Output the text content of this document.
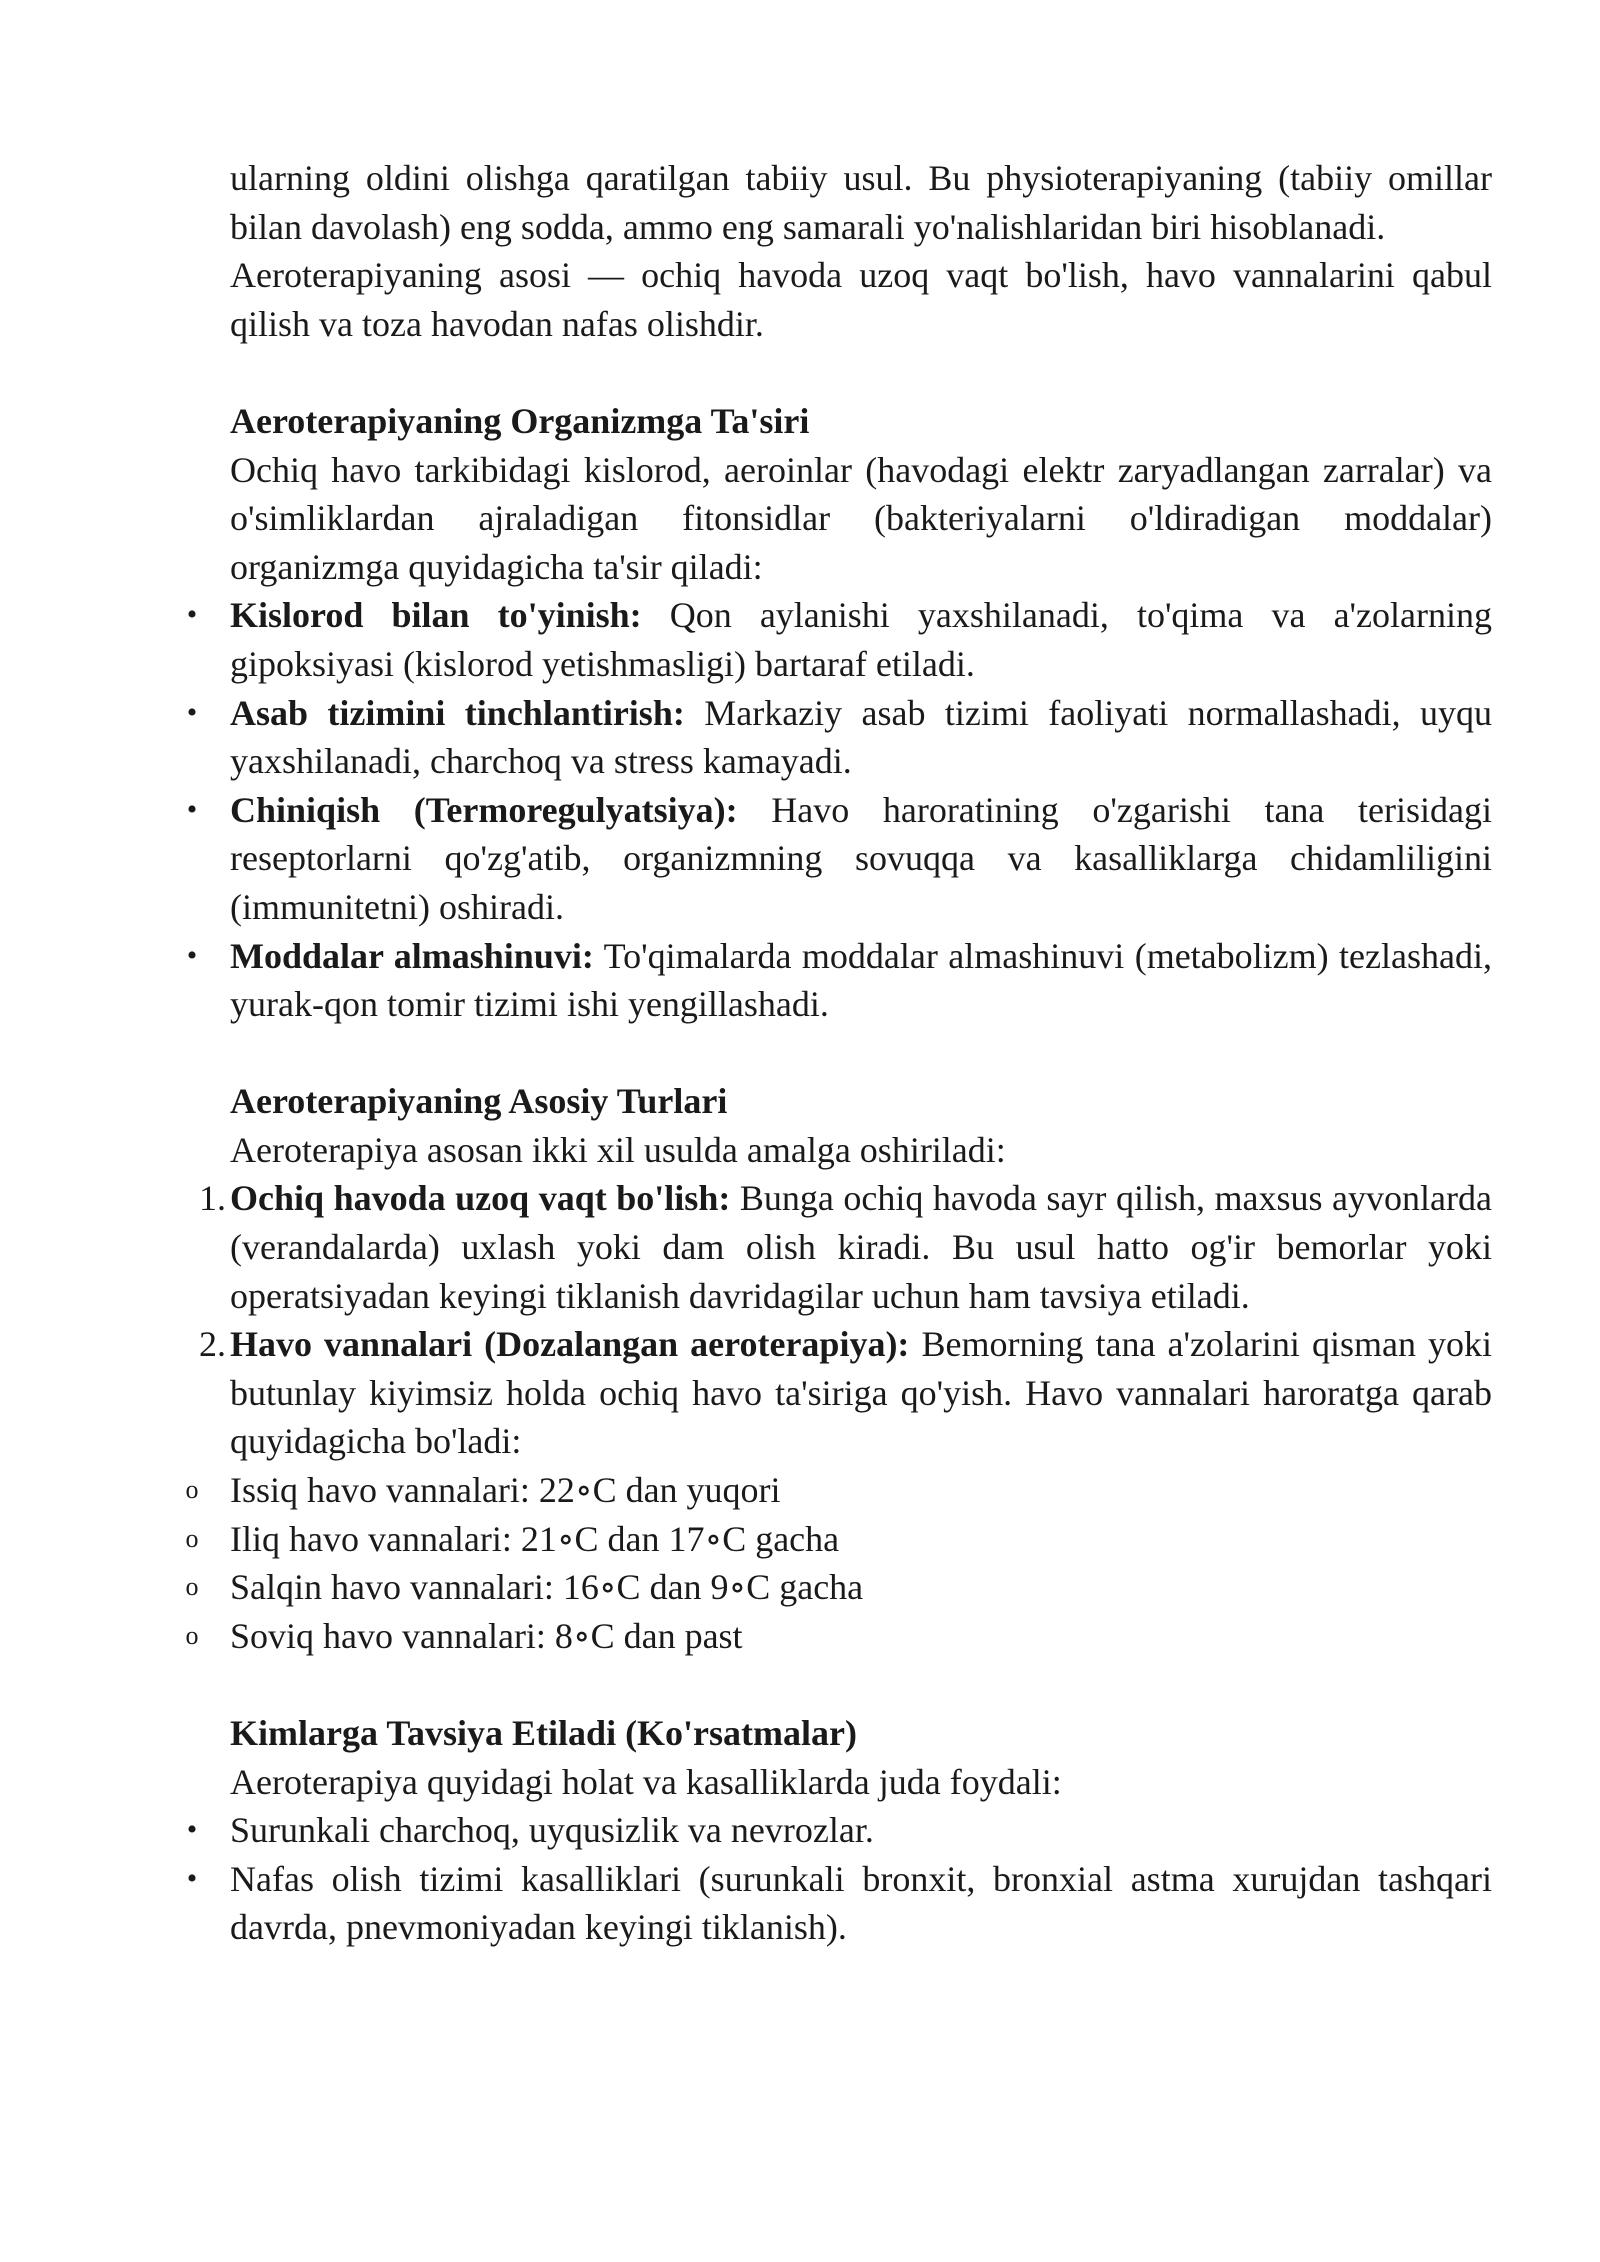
ularning oldini olishga qaratilgan tabiiy usul. Bu physioterapiyaning (tabiiy omillar bilan davolash) eng sodda, ammo eng samarali yo'nalishlaridan biri hisoblanadi.

Aeroterapiyaning asosi — ochiq havoda uzoq vaqt bo'lish, havo vannalarini qabul qilish va toza havodan nafas olishdir.

Aeroterapiyaning Organizmga Ta'siri

Ochiq havo tarkibidagi kislorod, aeroinlar (havodagi elektr zaryadlangan zarralar) va o'simliklardan ajraladigan fitonsidlar (bakteriyalarni o'ldiradigan moddalar) organizmga quyidagicha ta'sir qiladi:

• Kislorod bilan to'yinish: Qon aylanishi yaxshilanadi, to'qima va a'zolarning gipoksiyasi (kislorod yetishmasligi) bartaraf etiladi.
• Asab tizimini tinchlantirish: Markaziy asab tizimi faoliyati normallashadi, uyqu yaxshilanadi, charchoq va stress kamayadi.
• Chiniqish (Termoregulyatsiya): Havo haroratining o'zgarishi tana terisidagi reseptorlarni qo'zg'atib, organizmning sovuqqa va kasalliklarga chidamliligini (immunitetni) oshiradi.
• Moddalar almashinuvi: To'qimalarda moddalar almashinuvi (metabolizm) tezlashadi, yurak-qon tomir tizimi ishi yengillashadi.

Aeroterapiyaning Asosiy Turlari

Aeroterapiya asosan ikki xil usulda amalga oshiriladi:

1. Ochiq havoda uzoq vaqt bo'lish: Bunga ochiq havoda sayr qilish, maxsus ayvonlarda (verandalarda) uxlash yoki dam olish kiradi. Bu usul hatto og'ir bemorlar yoki operatsiyadan keyingi tiklanish davridagilar uchun ham tavsiya etiladi.
2. Havo vannalari (Dozalangan aeroterapiya): Bemorning tana a'zolarini qisman yoki butunlay kiyimsiz holda ochiq havo ta'siriga qo'yish. Havo vannalari haroratga qarab quyidagicha bo'ladi:
o Issiq havo vannalari: 22∘C dan yuqori
o Iliq havo vannalari: 21∘C dan 17∘C gacha
o Salqin havo vannalari: 16∘C dan 9∘C gacha
o Soviq havo vannalari: 8∘C dan past

Kimlarga Tavsiya Etiladi (Ko'rsatmalar)

Aeroterapiya quyidagi holat va kasalliklarda juda foydali:

• Surunkali charchoq, uyqusizlik va nevrozlar.
• Nafas olish tizimi kasalliklari (surunkali bronxit, bronxial astma xurujdan tashqari davrda, pnevmoniyadan keyingi tiklanish).
